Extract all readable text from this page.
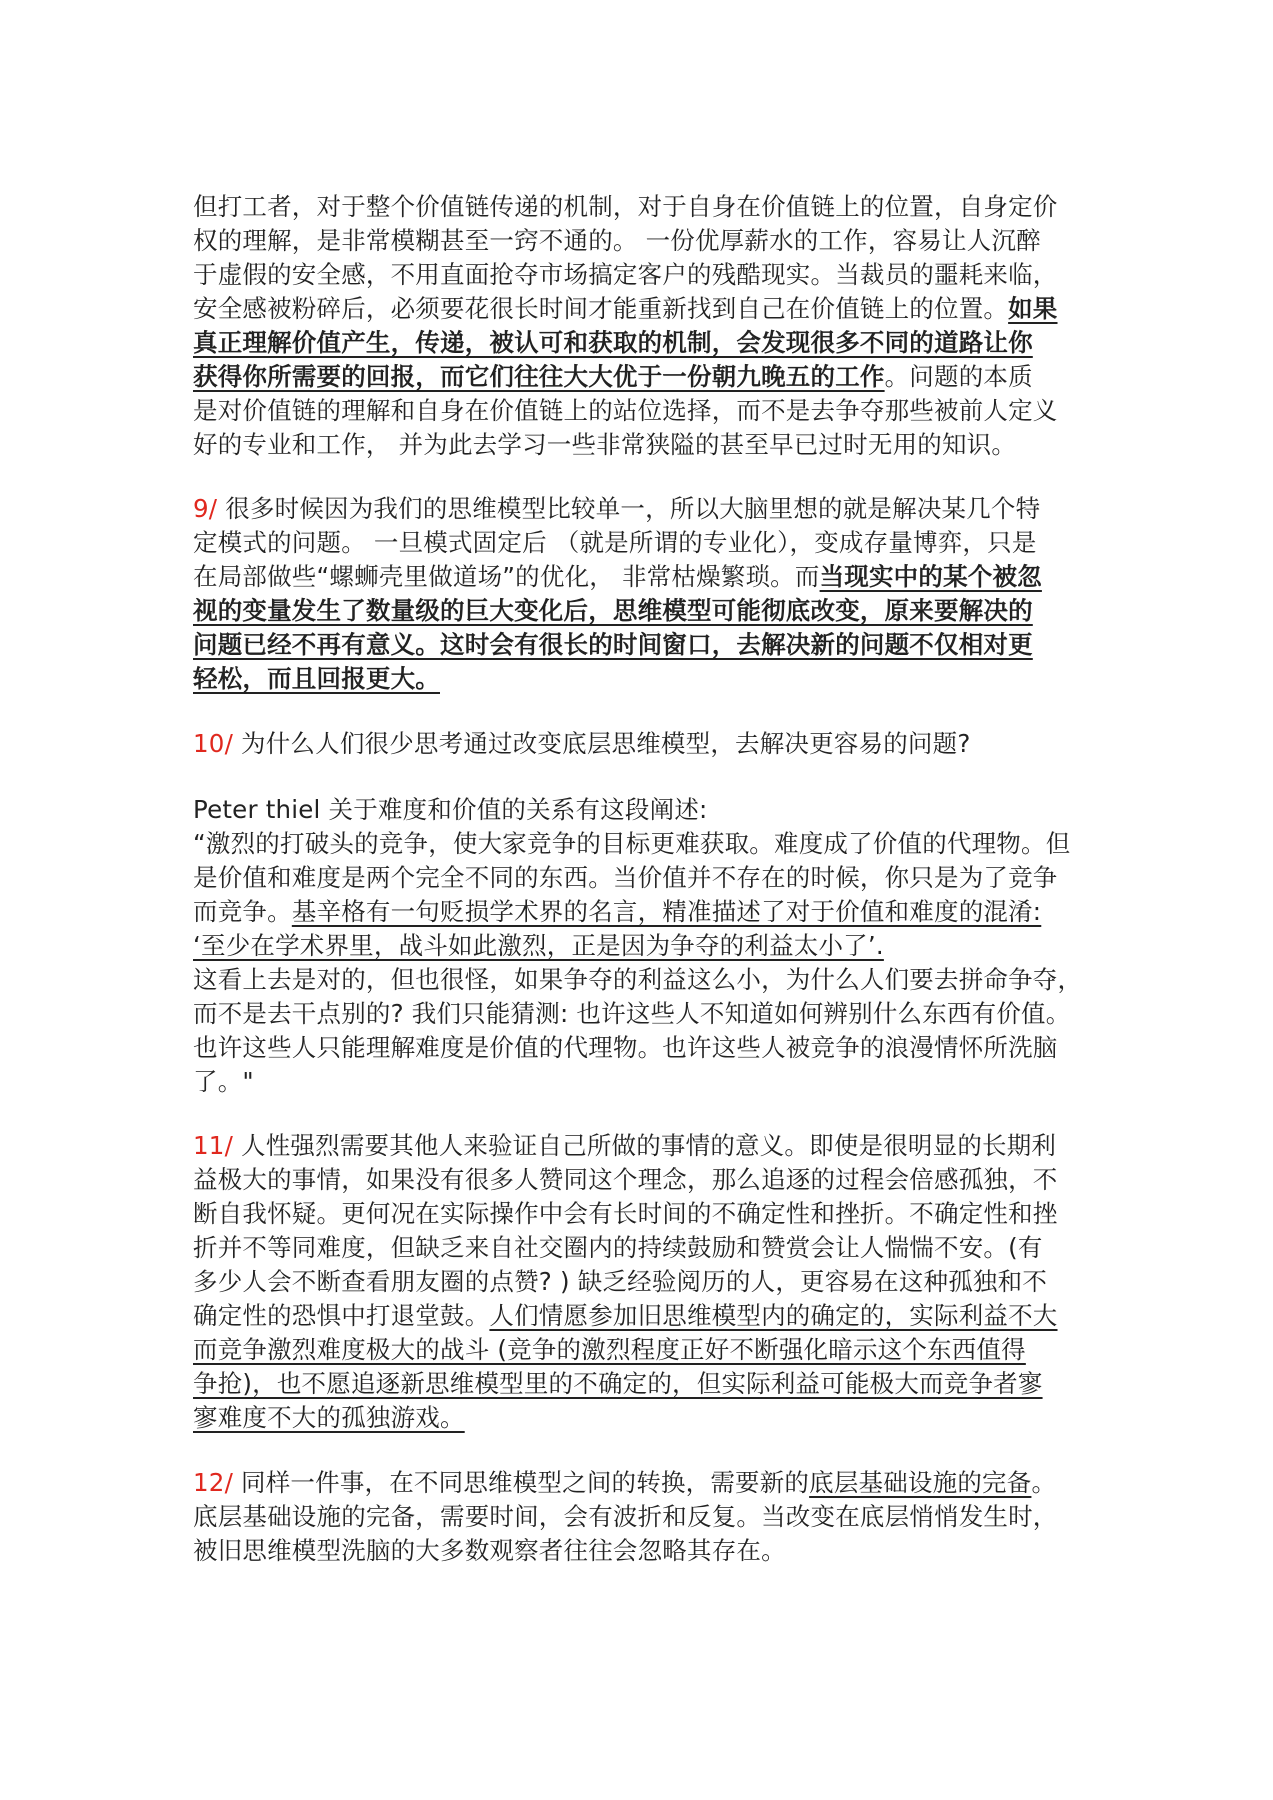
但打工者，对于整个价值链传递的机制，对于自身在价值链上的位置，自身定价
权的理解，是非常模糊甚至一窍不通的。 一份优厚薪水的工作，容易让人沉醉
于虚假的安全感，不用直面抢夺市场搞定客户的残酷现实。当裁员的噩耗来临，
安全感被粉碎后，必须要花很长时间才能重新找到自己在价值链上的位置。如果
真正理解价值产生，传递，被认可和获取的机制，会发现很多不同的道路让你
获得你所需要的回报，而它们往往大大优于一份朝九晚五的工作。问题的本质
是对价值链的理解和自身在价值链上的站位选择，而不是去争夺那些被前人定义
好的专业和工作， 并为此去学习一些非常狭隘的甚至早已过时无用的知识。
9/ 很多时候因为我们的思维模型比较单一，所以大脑里想的就是解决某几个特
定模式的问题。 一旦模式固定后 （就是所谓的专业化），变成存量博弈，只是
在局部做些“螺蛳壳里做道场”的优化， 非常枯燥繁琐。而当现实中的某个被忽
视的变量发生了数量级的巨大变化后，思维模型可能彻底改变，原来要解决的
问题已经不再有意义。这时会有很长的时间窗口，去解决新的问题不仅相对更
轻松，而且回报更大。
10/ 为什么人们很少思考通过改变底层思维模型，去解决更容易的问题?
Peter thiel 关于难度和价值的关系有这段阐述:
“激烈的打破头的竞争，使大家竞争的目标更难获取。难度成了价值的代理物。但
是价值和难度是两个完全不同的东西。当价值并不存在的时候，你只是为了竞争
而竞争。基辛格有一句贬损学术界的名言，精准描述了对于价值和难度的混淆:
‘至少在学术界里，战斗如此激烈，正是因为争夺的利益太小了’.
这看上去是对的，但也很怪，如果争夺的利益这么小，为什么人们要去拼命争夺，
而不是去干点别的? 我们只能猜测: 也许这些人不知道如何辨别什么东西有价值。
也许这些人只能理解难度是价值的代理物。也许这些人被竞争的浪漫情怀所洗脑
了。"
11/ 人性强烈需要其他人来验证自己所做的事情的意义。即使是很明显的长期利
益极大的事情，如果没有很多人赞同这个理念，那么追逐的过程会倍感孤独，不
断自我怀疑。更何况在实际操作中会有长时间的不确定性和挫折。不确定性和挫
折并不等同难度，但缺乏来自社交圈内的持续鼓励和赞赏会让人惴惴不安。(有
多少人会不断查看朋友圈的点赞? ) 缺乏经验阅历的人，更容易在这种孤独和不
确定性的恐惧中打退堂鼓。人们情愿参加旧思维模型内的确定的，实际利益不大
而竞争激烈难度极大的战斗 (竞争的激烈程度正好不断强化暗示这个东西值得
争抢)，也不愿追逐新思维模型里的不确定的，但实际利益可能极大而竞争者寥
寥难度不大的孤独游戏。
12/ 同样一件事，在不同思维模型之间的转换，需要新的底层基础设施的完备。
底层基础设施的完备，需要时间，会有波折和反复。当改变在底层悄悄发生时，
被旧思维模型洗脑的大多数观察者往往会忽略其存在。
